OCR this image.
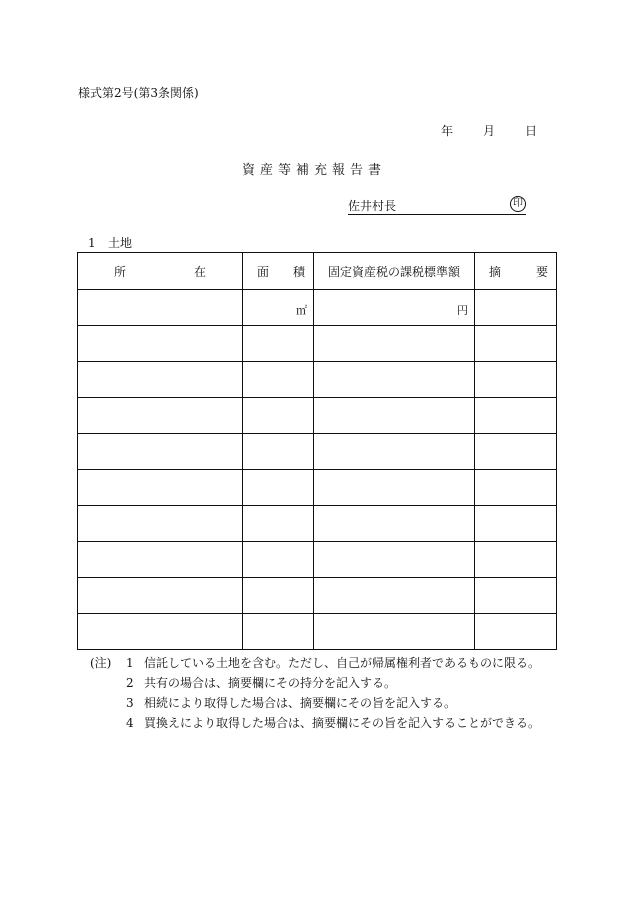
様式第2号(第3条関係)
年	月	日
資産等補充報告書
佐井村長	印
1 土地
所 在	面 積	固定資産税の課税標準額	摘 要

	㎡	円	

(注)	1 信託している土地を含む。ただし、自己が帰属権利者であるものに限る。
2 共有の場合は、摘要欄にその持分を記入する。
3 相続により取得した場合は、摘要欄にその旨を記入する。
4 買換えにより取得した場合は、摘要欄にその旨を記入することができる。
